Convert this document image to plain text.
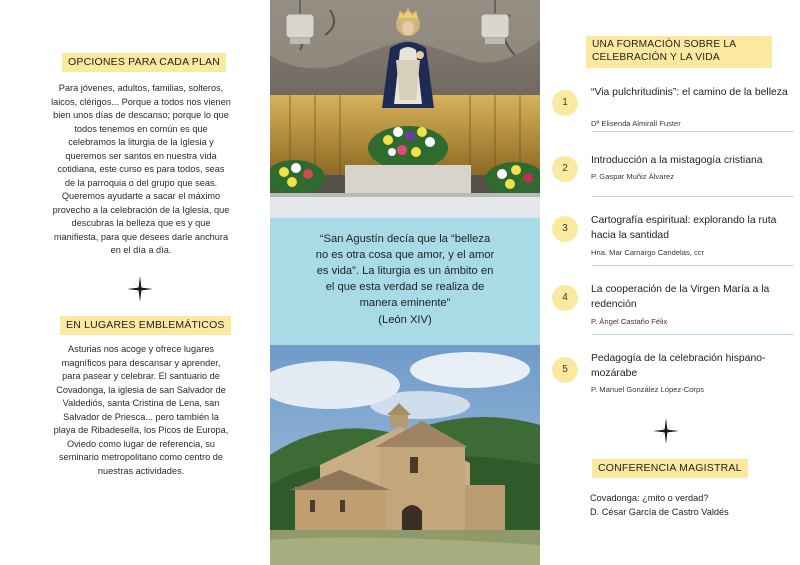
OPCIONES PARA CADA PLAN
Para jóvenes, adultos, familias, solteros,
laicos, clérigos... Porque a todos nos vienen
bien unos días de descanso; porque lo que
todos tenemos en común es que
celebramos la liturgia de la Iglesia y
queremos ser santos en nuestra vida
cotidiana, este curso es para todos, seas
de la parroquia o del grupo que seas.
Queremos ayudarte a sacar el máximo
provecho a la celebración de la Iglesia, que
descubras la belleza que es y que
manifiesta, para que desees darle anchura
en el día a día.
EN LUGARES EMBLEMÁTICOS
Asturias nos acoge y ofrece lugares
magníficos para descansar y aprender,
para pasear y celebrar. El santuario de
Covadonga, la iglesia de san Salvador de
Valdediós, santa Cristina de Lena, san
Salvador de Priesca... pero también la
playa de Ribadesella, los Picos de Europa,
Oviedo como lugar de referencia, su
seminario metropolitano como centro de
nuestras actividades.
“San Agustín decía que la “belleza
no es otra cosa que amor, y el amor
es vida”. La liturgia es un ámbito en
el que esta verdad se realiza de
manera eminente”
(León XIV)
UNA FORMACIÓN SOBRE LA CELEBRACIÓN Y LA VIDA
1
“Via pulchritudinis”: el camino de la belleza
Dª Elisenda Almirall Fuster
2
Introducción a la mistagogía cristiana
P. Gaspar Muñiz Álvarez
3
Cartografía espiritual: explorando la ruta hacia la santidad
Hna. Mar Camargo Candelas, ccr
4
La cooperación de la Virgen María a la redención
P. Ángel Castaño Félix
5
Pedagogía de la celebración hispano-mozárabe
P. Manuel González López-Corps
CONFERENCIA MAGISTRAL
Covadonga: ¿mito o verdad?
D. César García de Castro Valdés
